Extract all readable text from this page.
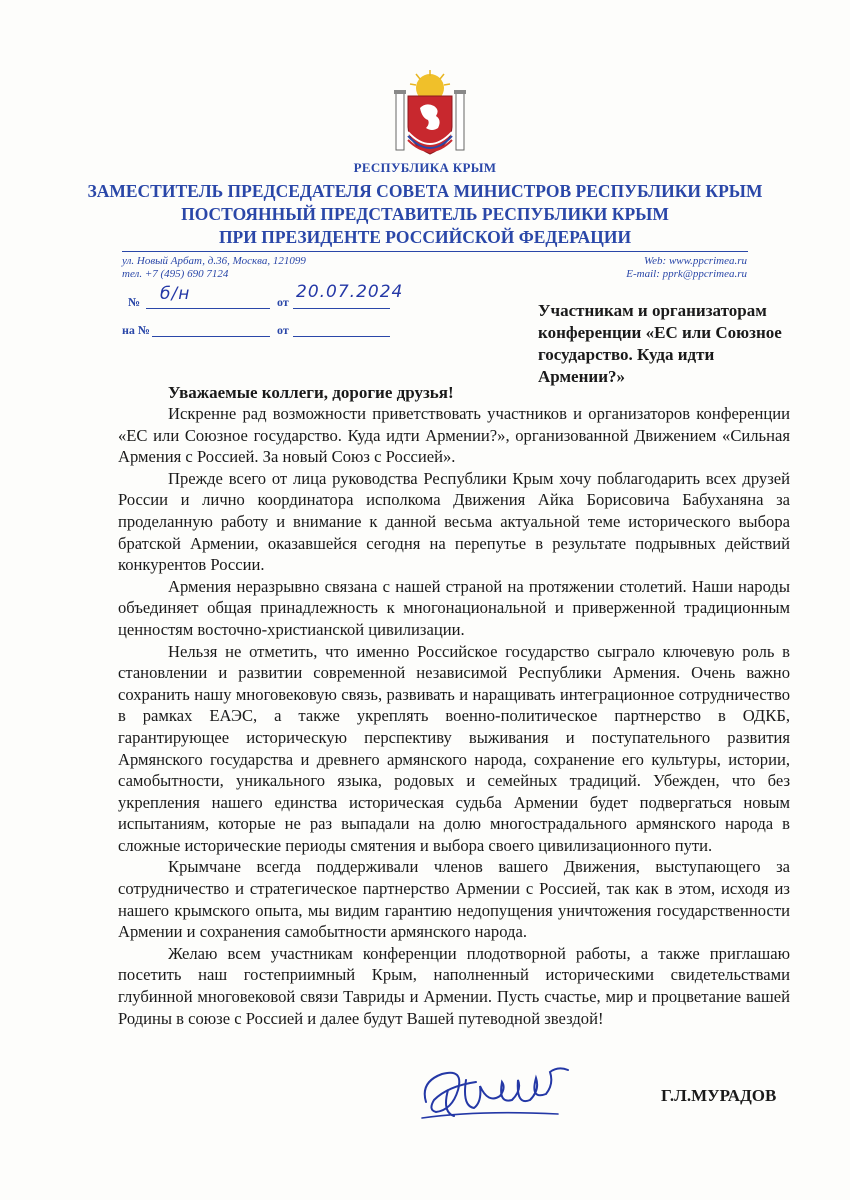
РЕСПУБЛИКА КРЫМ
ЗАМЕСТИТЕЛЬ ПРЕДСЕДАТЕЛЯ СОВЕТА МИНИСТРОВ РЕСПУБЛИКИ КРЫМ
ПОСТОЯННЫЙ ПРЕДСТАВИТЕЛЬ РЕСПУБЛИКИ КРЫМ
ПРИ ПРЕЗИДЕНТЕ РОССИЙСКОЙ ФЕДЕРАЦИИ
ул. Новый Арбат, д.36, Москва, 121099
тел. +7 (495) 690 7124
Web: www.ppcrimea.ru
E-mail: pprk@ppcrimea.ru
№ б/н	от 20.07.2024
на №	от
Участникам и организаторам конференции «ЕС или Союзное государство. Куда идти Армении?»
Уважаемые коллеги, дорогие друзья!

Искренне рад возможности приветствовать участников и организаторов конференции «ЕС или Союзное государство. Куда идти Армении?», организованной Движением «Сильная Армения с Россией. За новый Союз с Россией».

Прежде всего от лица руководства Республики Крым хочу поблагодарить всех друзей России и лично координатора исполкома Движения Айка Борисовича Бабуханяна за проделанную работу и внимание к данной весьма актуальной теме исторического выбора братской Армении, оказавшейся сегодня на перепутье в результате подрывных действий конкурентов России.

Армения неразрывно связана с нашей страной на протяжении столетий. Наши народы объединяет общая принадлежность к многонациональной и приверженной традиционным ценностям восточно-христианской цивилизации.

Нельзя не отметить, что именно Российское государство сыграло ключевую роль в становлении и развитии современной независимой Республики Армения. Очень важно сохранить нашу многовековую связь, развивать и наращивать интеграционное сотрудничество в рамках ЕАЭС, а также укреплять военно-политическое партнерство в ОДКБ, гарантирующее историческую перспективу выживания и поступательного развития Армянского государства и древнего армянского народа, сохранение его культуры, истории, самобытности, уникального языка, родовых и семейных традиций. Убежден, что без укрепления нашего единства историческая судьба Армении будет подвергаться новым испытаниям, которые не раз выпадали на долю многострадального армянского народа в сложные исторические периоды смятения и выбора своего цивилизационного пути.

Крымчане всегда поддерживали членов вашего Движения, выступающего за сотрудничество и стратегическое партнерство Армении с Россией, так как в этом, исходя из нашего крымского опыта, мы видим гарантию недопущения уничтожения государственности Армении и сохранения самобытности армянского народа.

Желаю всем участникам конференции плодотворной работы, а также приглашаю посетить наш гостеприимный Крым, наполненный историческими свидетельствами глубинной многовековой связи Тавриды и Армении. Пусть счастье, мир и процветание вашей Родины в союзе с Россией и далее будут Вашей путеводной звездой!

Г.Л.МУРАДОВ
